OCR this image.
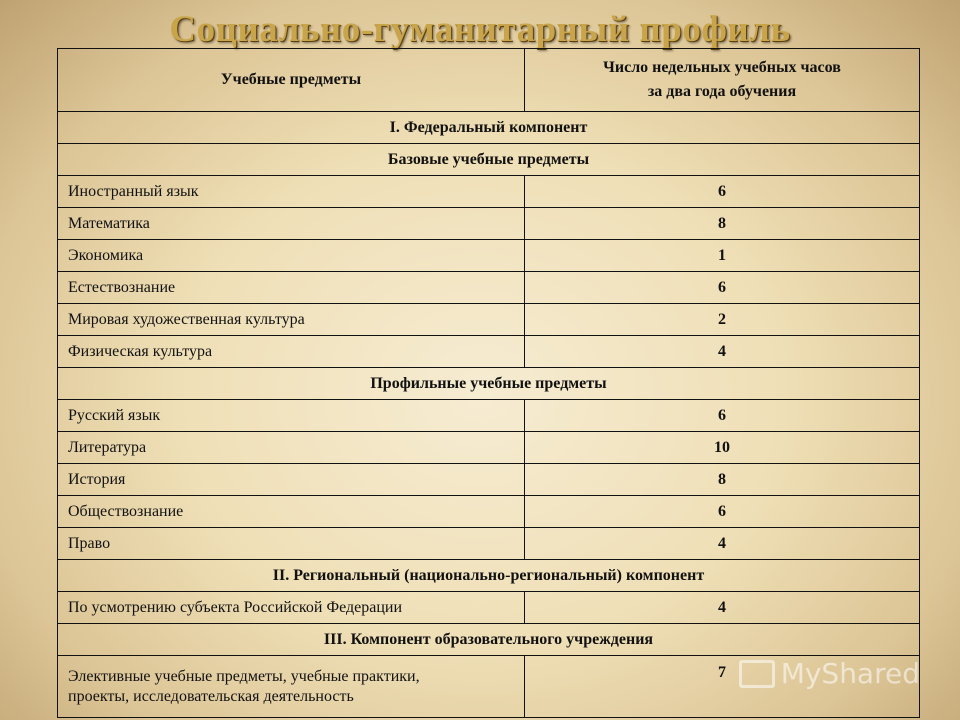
Социально-гуманитарный профиль
Учебные предметы	Число недельных учебных часов
за два года обучения

I. Федеральный компонент	
Базовые учебные предметы	
Иностранный язык	6
Математика	8
Экономика	1
Естествознание	6
Мировая художественная культура	2
Физическая культура	4
Профильные учебные предметы	
Русский язык	6
Литература	10
История	8
Обществознание	6
Право	4
II. Региональный (национально-региональный) компонент	
По усмотрению субъекта Российской Федерации	4
III. Компонент образовательного учреждения	
Элективные учебные предметы, учебные практики,
проекты, исследовательская деятельность	7 MyShared
